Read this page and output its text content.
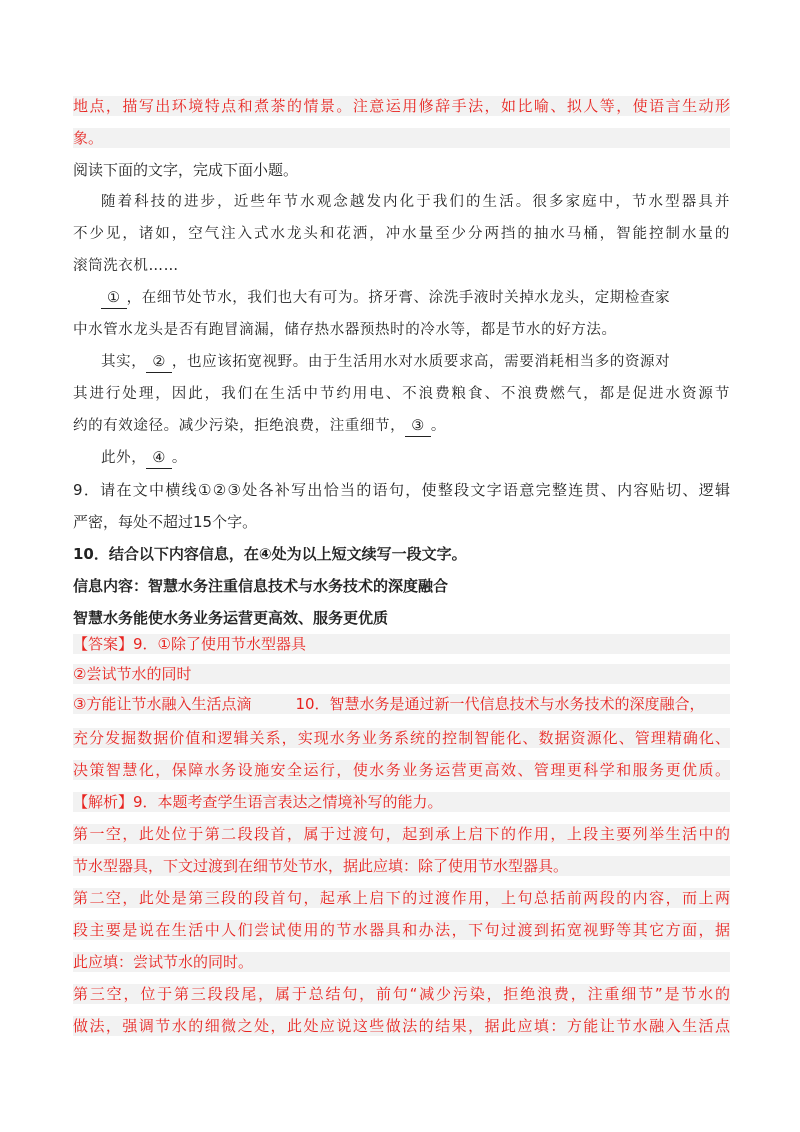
地点，描写出环境特点和煮茶的情景。注意运用修辞手法，如比喻、拟人等，使语言生动形
象。
阅读下面的文字，完成下面小题。
随着科技的进步，近些年节水观念越发内化于我们的生活。很多家庭中，节水型器具并
不少见，诸如，空气注入式水龙头和花洒，冲水量至少分两挡的抽水马桶，智能控制水量的
滚筒洗衣机……
① ，在细节处节水，我们也大有可为。挤牙膏、涂洗手液时关掉水龙头，定期检查家
中水管水龙头是否有跑冒滴漏，储存热水器预热时的冷水等，都是节水的好方法。
其实， ② ，也应该拓宽视野。由于生活用水对水质要求高，需要消耗相当多的资源对
其进行处理，因此，我们在生活中节约用电、不浪费粮食、不浪费燃气，都是促进水资源节
约的有效途径。减少污染，拒绝浪费，注重细节， ③ 。
此外， ④ 。
9．请在文中横线①②③处各补写出恰当的语句，使整段文字语意完整连贯、内容贴切、逻辑
严密，每处不超过15个字。
10．结合以下内容信息，在④处为以上短文续写一段文字。
信息内容：智慧水务注重信息技术与水务技术的深度融合
智慧水务能使水务业务运营更高效、服务更优质
【答案】9．①除了使用节水型器具
②尝试节水的同时
③方能让节水融入生活点滴	10．智慧水务是通过新一代信息技术与水务技术的深度融合，
充分发掘数据价值和逻辑关系，实现水务业务系统的控制智能化、数据资源化、管理精确化、
决策智慧化，保障水务设施安全运行，使水务业务运营更高效、管理更科学和服务更优质。
【解析】9．本题考查学生语言表达之情境补写的能力。
第一空，此处位于第二段段首，属于过渡句，起到承上启下的作用，上段主要列举生活中的
节水型器具，下文过渡到在细节处节水，据此应填：除了使用节水型器具。
第二空，此处是第三段的段首句，起承上启下的过渡作用，上句总括前两段的内容，而上两
段主要是说在生活中人们尝试使用的节水器具和办法，下句过渡到拓宽视野等其它方面，据
此应填：尝试节水的同时。
第三空，位于第三段段尾，属于总结句，前句“减少污染，拒绝浪费，注重细节”是节水的
做法，强调节水的细微之处，此处应说这些做法的结果，据此应填：方能让节水融入生活点
